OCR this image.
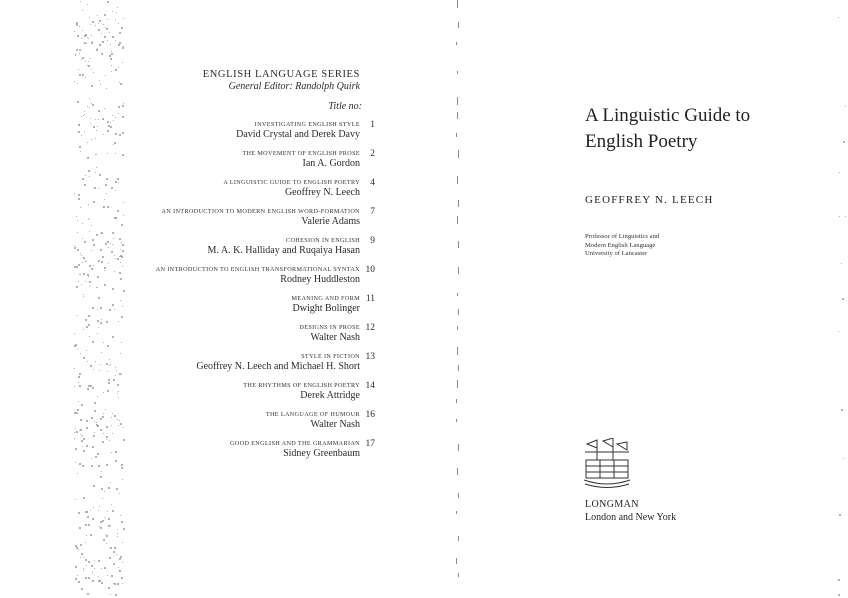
ENGLISH LANGUAGE SERIES
General Editor: Randolph Quirk
Title no:
INVESTIGATING ENGLISH STYLE
David Crystal and Derek Davy
1
THE MOVEMENT OF ENGLISH PROSE
Ian A. Gordon
2
A LINGUISTIC GUIDE TO ENGLISH POETRY
Geoffrey N. Leech
4
AN INTRODUCTION TO MODERN ENGLISH WORD-FORMATION
Valerie Adams
7
COHESION IN ENGLISH
M. A. K. Halliday and Ruqaiya Hasan
9
AN INTRODUCTION TO ENGLISH TRANSFORMATIONAL SYNTAX
Rodney Huddleston
10
MEANING AND FORM
Dwight Bolinger
11
DESIGNS IN PROSE
Walter Nash
12
STYLE IN FICTION
Geoffrey N. Leech and Michael H. Short
13
THE RHYTHMS OF ENGLISH POETRY
Derek Attridge
14
THE LANGUAGE OF HUMOUR
Walter Nash
16
GOOD ENGLISH AND THE GRAMMARIAN
Sidney Greenbaum
17
A Linguistic Guide to
English Poetry
GEOFFREY N. LEECH
Professor of Linguistics and
Modern English Language
University of Lancaster
LONGMAN
London and New York
